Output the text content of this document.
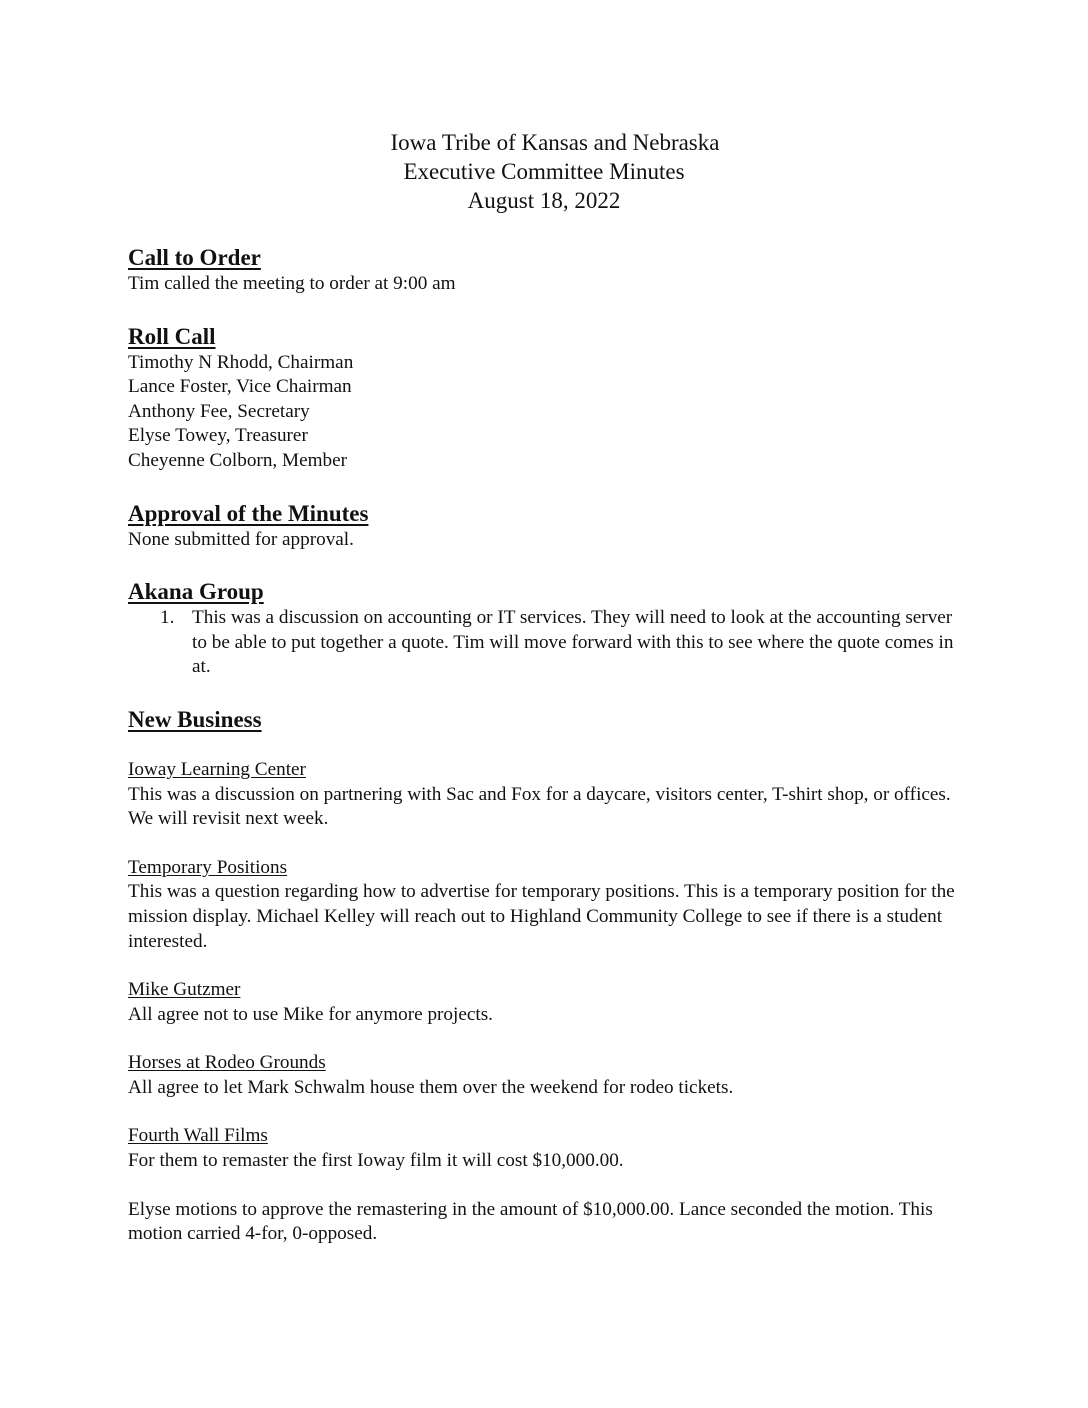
Iowa Tribe of Kansas and Nebraska
Executive Committee Minutes
August 18, 2022
Call to Order

Tim called the meeting to order at 9:00 am

Roll Call
Timothy N Rhodd, Chairman
Lance Foster, Vice Chairman
Anthony Fee, Secretary
Elyse Towey, Treasurer
Cheyenne Colborn, Member
Approval of the Minutes

None submitted for approval.

Akana Group
1. This was a discussion on accounting or IT services. They will need to look at the accounting server to be able to put together a quote. Tim will move forward with this to see where the quote comes in at.
New Business

Ioway Learning Center

This was a discussion on partnering with Sac and Fox for a daycare, visitors center, T-shirt shop, or offices. We will revisit next week.

Temporary Positions

This was a question regarding how to advertise for temporary positions. This is a temporary position for the mission display. Michael Kelley will reach out to Highland Community College to see if there is a student interested.

Mike Gutzmer

All agree not to use Mike for anymore projects.

Horses at Rodeo Grounds

All agree to let Mark Schwalm house them over the weekend for rodeo tickets.

Fourth Wall Films

For them to remaster the first Ioway film it will cost $10,000.00.

Elyse motions to approve the remastering in the amount of $10,000.00. Lance seconded the motion. This motion carried 4-for, 0-opposed.
